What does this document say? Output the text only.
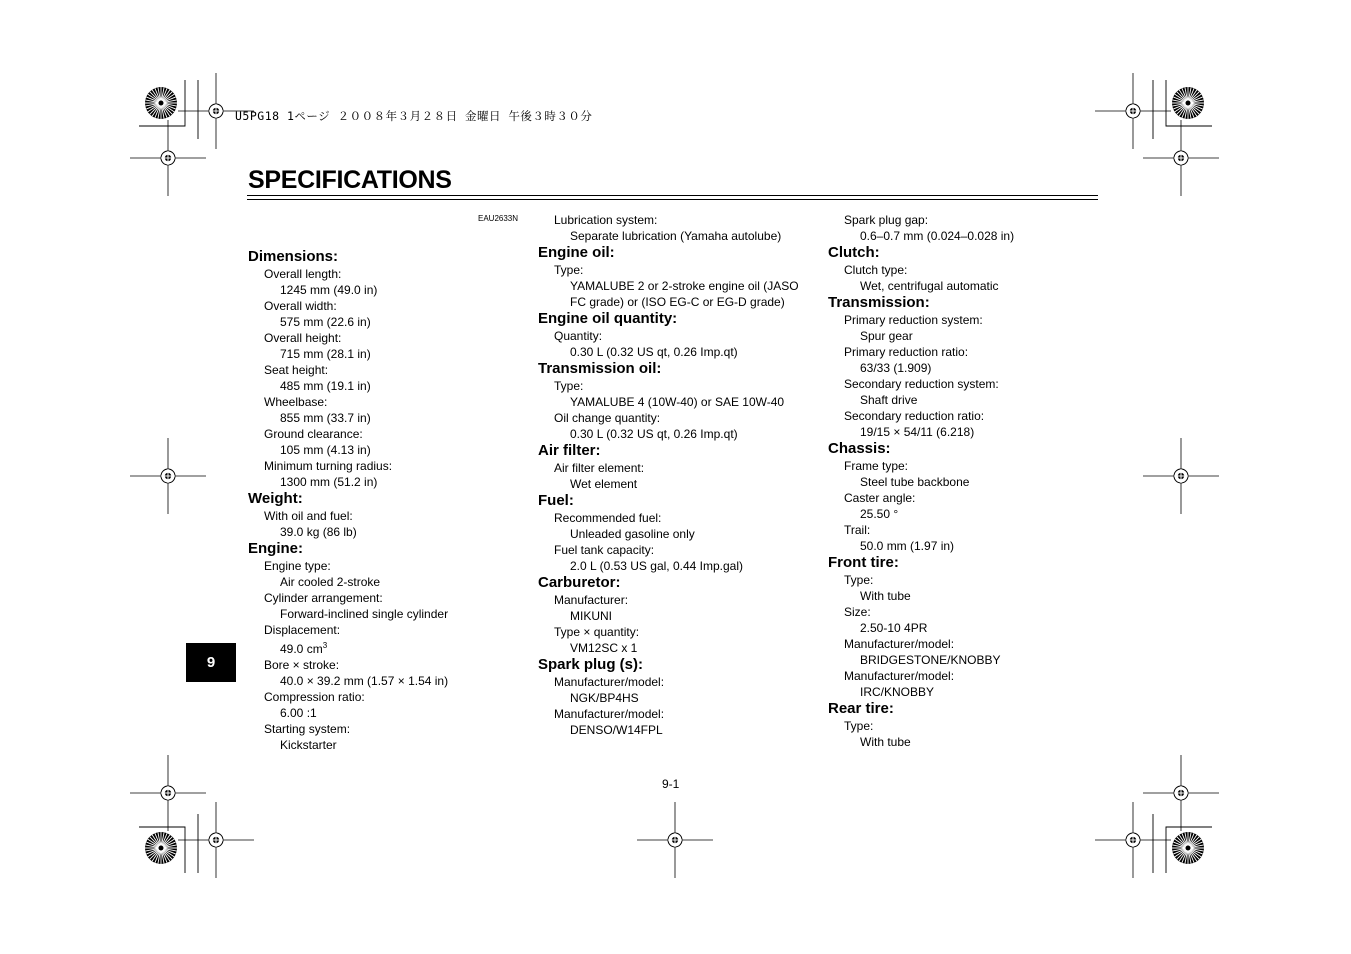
U5PG18 1ページ ２００８年３月２８日 金曜日 午後３時３０分
SPECIFICATIONS
EAU2633N
9
9-1

Dimensions:

Overall length:

1245 mm (49.0 in)

Overall width:

575 mm (22.6 in)

Overall height:

715 mm (28.1 in)

Seat height:

485 mm (19.1 in)

Wheelbase:

855 mm (33.7 in)

Ground clearance:

105 mm (4.13 in)

Minimum turning radius:

1300 mm (51.2 in)

Weight:

With oil and fuel:

39.0 kg (86 lb)

Engine:

Engine type:

Air cooled 2-stroke

Cylinder arrangement:

Forward-inclined single cylinder

Displacement:

49.0 $cm^3$

Bore × stroke:

40.0 × 39.2 mm (1.57 × 1.54 in)

Compression ratio:

6.00 :1

Starting system:

Kickstarter

Lubrication system:

Separate lubrication (Yamaha autolube)

Engine oil:

Type:

YAMALUBE 2 or 2-stroke engine oil (JASO

FC grade) or (ISO EG-C or EG-D grade)

Engine oil quantity:

Quantity:

0.30 L (0.32 US qt, 0.26 Imp.qt)

Transmission oil:

Type:

YAMALUBE 4 (10W-40) or SAE 10W-40

Oil change quantity:

0.30 L (0.32 US qt, 0.26 Imp.qt)

Air filter:

Air filter element:

Wet element

Fuel:

Recommended fuel:

Unleaded gasoline only

Fuel tank capacity:

2.0 L (0.53 US gal, 0.44 Imp.gal)

Carburetor:

Manufacturer:

MIKUNI

Type × quantity:

VM12SC x 1

Spark plug (s):

Manufacturer/model:

NGK/BP4HS

Manufacturer/model:

DENSO/W14FPL

Spark plug gap:

0.6–0.7 mm (0.024–0.028 in)

Clutch:

Clutch type:

Wet, centrifugal automatic

Transmission:

Primary reduction system:

Spur gear

Primary reduction ratio:

63/33 (1.909)

Secondary reduction system:

Shaft drive

Secondary reduction ratio:

19/15 × 54/11 (6.218)

Chassis:

Frame type:

Steel tube backbone

Caster angle:

25.50 °

Trail:

50.0 mm (1.97 in)

Front tire:

Type:

With tube

Size:

2.50-10 4PR

Manufacturer/model:

BRIDGESTONE/KNOBBY

Manufacturer/model:

IRC/KNOBBY

Rear tire:

Type:

With tube
